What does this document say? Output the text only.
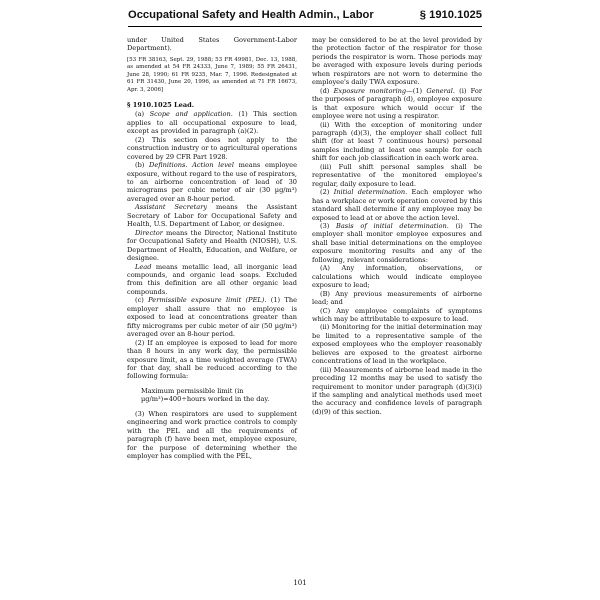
Occupational Safety and Health Admin., Labor	§ 1910.1025

under United States Government-Labor Department).

[53 FR 38163, Sept. 29, 1988; 53 FR 49981, Dec. 13, 1988, as amended at 54 FR 24333, June 7, 1989; 55 FR 26431, June 28, 1990; 61 FR 9235, Mar. 7, 1996. Redesignated at 61 FR 31430, June 20, 1996, as amended at 71 FR 16673, Apr. 3, 2006]

§ 1910.1025 Lead.

(a) Scope and application. (1) This section applies to all occupational exposure to lead, except as provided in paragraph (a)(2).

(2) This section does not apply to the construction industry or to agricultural operations covered by 29 CFR Part 1928.

(b) Definitions. Action level means employee exposure, without regard to the use of respirators, to an airborne concentration of lead of 30 micrograms per cubic meter of air (30 µg/m³) averaged over an 8-hour period.

Assistant Secretary means the Assistant Secretary of Labor for Occupational Safety and Health, U.S. Department of Labor, or designee.

Director means the Director, National Institute for Occupational Safety and Health (NIOSH), U.S. Department of Health, Education, and Welfare, or designee.

Lead means metallic lead, all inorganic lead compounds, and organic lead soaps. Excluded from this definition are all other organic lead compounds.

(c) Permissible exposure limit (PEL). (1) The employer shall assure that no employee is exposed to lead at concentrations greater than fifty micrograms per cubic meter of air (50 µg/m³) averaged over an 8-hour period.

(2) If an employee is exposed to lead for more than 8 hours in any work day, the permissible exposure limit, as a time weighted average (TWA) for that day, shall be reduced according to the following formula:

Maximum permissible limit (in µg/m³)=400÷hours worked in the day.

(3) When respirators are used to supplement engineering and work practice controls to comply with the PEL and all the requirements of paragraph (f) have been met, employee exposure, for the purpose of determining whether the employer has complied with the PEL,

may be considered to be at the level provided by the protection factor of the respirator for those periods the respirator is worn. Those periods may be averaged with exposure levels during periods when respirators are not worn to determine the employee's daily TWA exposure.

(d) Exposure monitoring—(1) General. (i) For the purposes of paragraph (d), employee exposure is that exposure which would occur if the employee were not using a respirator.

(ii) With the exception of monitoring under paragraph (d)(3), the employer shall collect full shift (for at least 7 continuous hours) personal samples including at least one sample for each shift for each job classification in each work area.

(iii) Full shift personal samples shall be representative of the monitored employee's regular, daily exposure to lead.

(2) Initial determination. Each employer who has a workplace or work operation covered by this standard shall determine if any employee may be exposed to lead at or above the action level.

(3) Basis of initial determination. (i) The employer shall monitor employee exposures and shall base initial determinations on the employee exposure monitoring results and any of the following, relevant considerations:

(A) Any information, observations, or calculations which would indicate employee exposure to lead;

(B) Any previous measurements of airborne lead; and

(C) Any employee complaints of symptoms which may be attributable to exposure to lead.

(ii) Monitoring for the initial determination may be limited to a representative sample of the exposed employees who the employer reasonably believes are exposed to the greatest airborne concentrations of lead in the workplace.

(iii) Measurements of airborne lead made in the preceding 12 months may be used to satisfy the requirement to monitor under paragraph (d)(3)(i) if the sampling and analytical methods used meet the accuracy and confidence levels of paragraph (d)(9) of this section.

101
